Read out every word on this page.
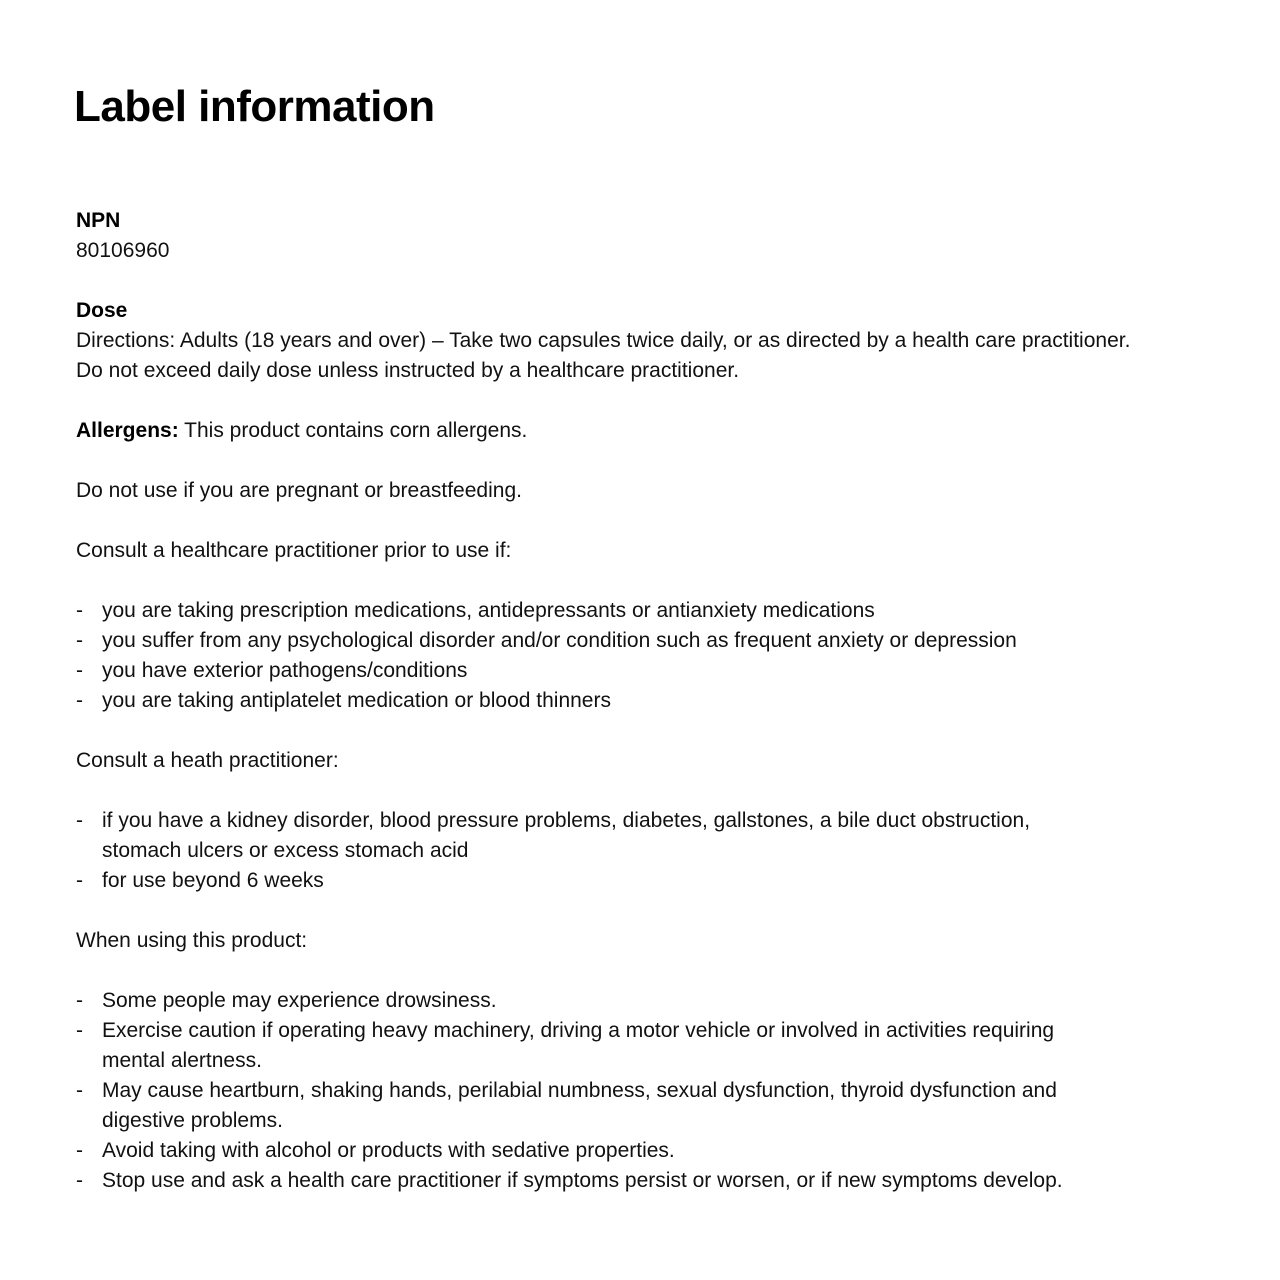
Label information

NPN

80106960

Dose

Directions: Adults (18 years and over) – Take two capsules twice daily, or as directed by a health care practitioner.

Do not exceed daily dose unless instructed by a healthcare practitioner.

Allergens: This product contains corn allergens.

Do not use if you are pregnant or breastfeeding.

Consult a healthcare practitioner prior to use if:

- you are taking prescription medications, antidepressants or antianxiety medications
- you suffer from any psychological disorder and/or condition such as frequent anxiety or depression
- you have exterior pathogens/conditions
- you are taking antiplatelet medication or blood thinners

Consult a heath practitioner:

- if you have a kidney disorder, blood pressure problems, diabetes, gallstones, a bile duct obstruction,
stomach ulcers or excess stomach acid
- for use beyond 6 weeks

When using this product:

- Some people may experience drowsiness.
- Exercise caution if operating heavy machinery, driving a motor vehicle or involved in activities requiring
mental alertness.
- May cause heartburn, shaking hands, perilabial numbness, sexual dysfunction, thyroid dysfunction and
digestive problems.
- Avoid taking with alcohol or products with sedative properties.
- Stop use and ask a health care practitioner if symptoms persist or worsen, or if new symptoms develop.
